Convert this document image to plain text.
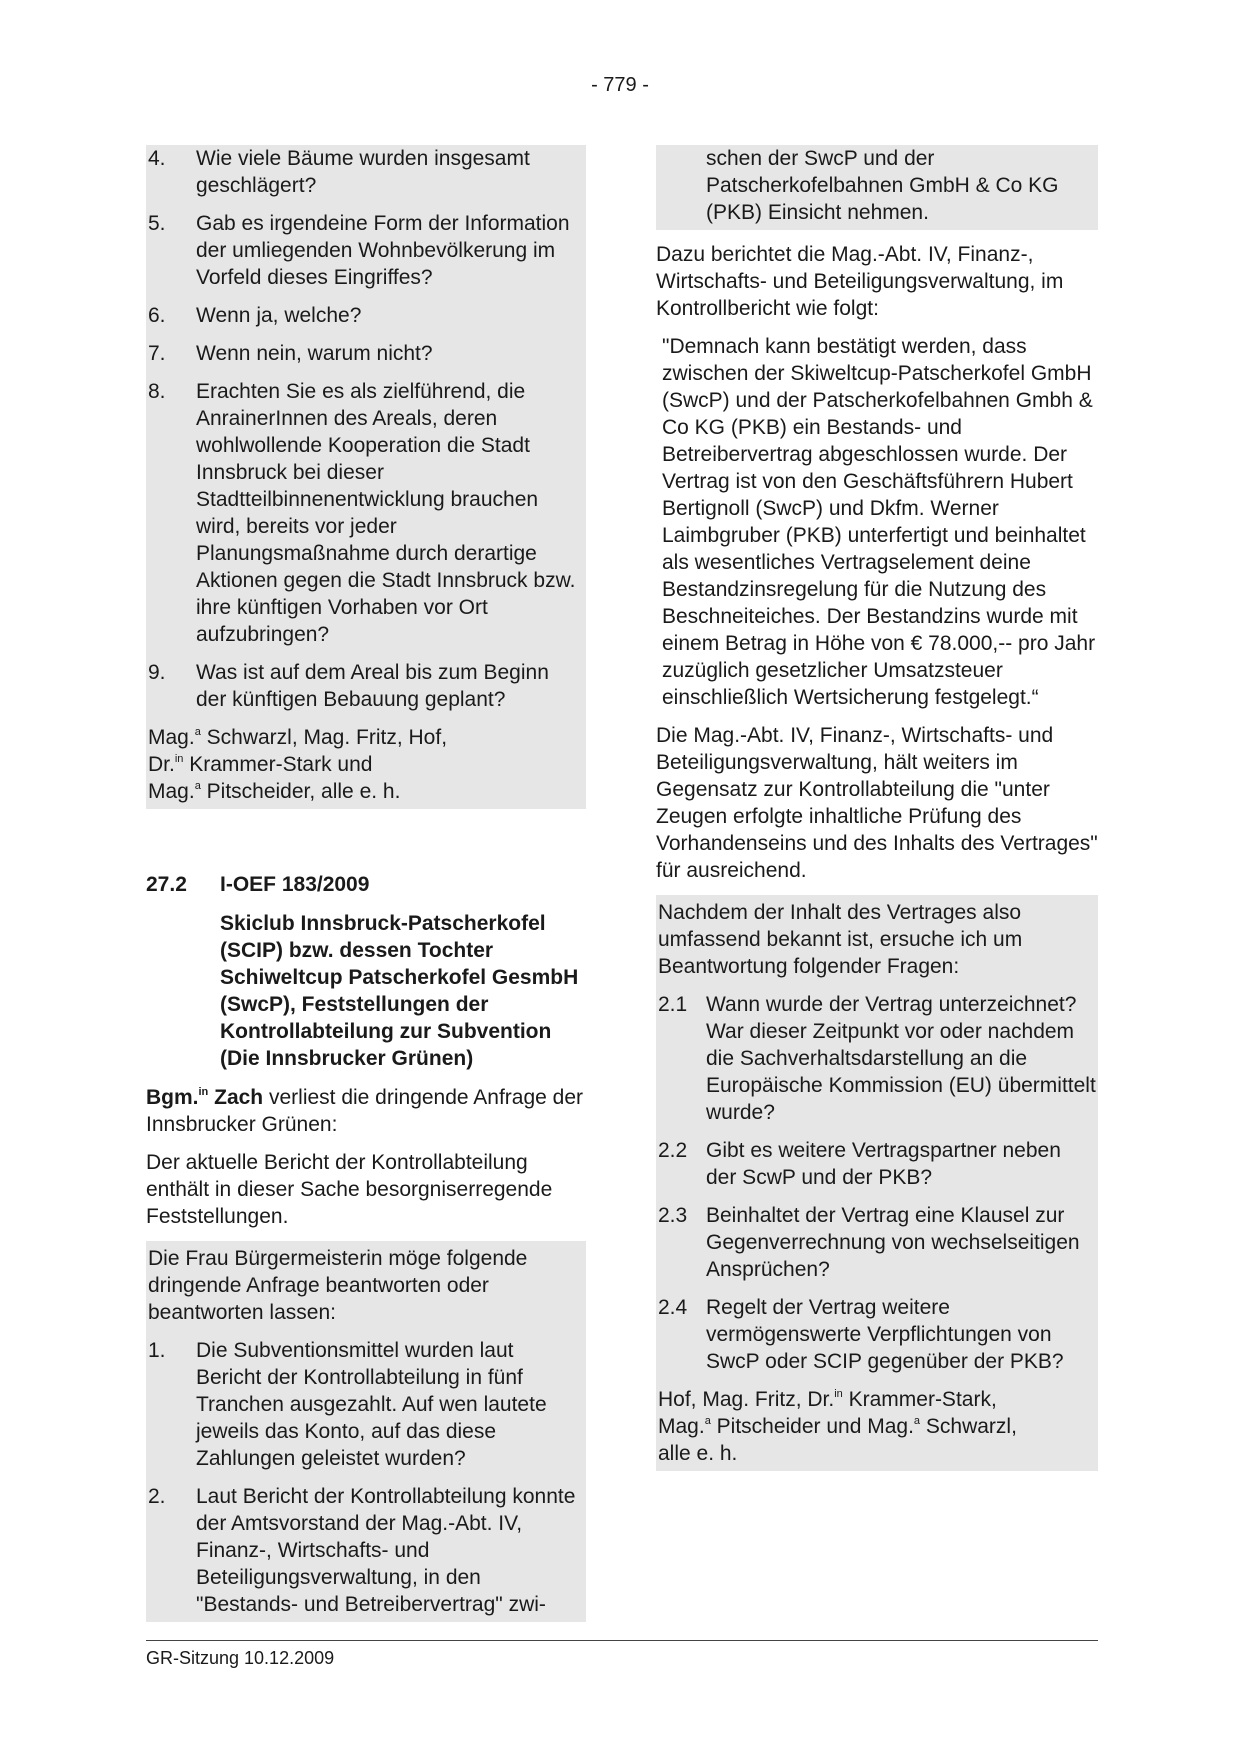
- 779 -
4.	Wie viele Bäume wurden insgesamt geschlägert?
5.	Gab es irgendeine Form der Information der umliegenden Wohnbevölkerung im Vorfeld dieses Eingriffes?
6.	Wenn ja, welche?
7.	Wenn nein, warum nicht?
8.	Erachten Sie es als zielführend, die AnrainerInnen des Areals, deren wohlwollende Kooperation die Stadt Innsbruck bei dieser Stadtteilbinnenentwicklung brauchen wird, bereits vor jeder Planungsmaßnahme durch derartige Aktionen gegen die Stadt Innsbruck bzw. ihre künftigen Vorhaben vor Ort aufzubringen?
9.	Was ist auf dem Areal bis zum Beginn der künftigen Bebauung geplant?
Mag.$^a$ Schwarzl, Mag. Fritz, Hof,
Dr.$^{in}$ Krammer-Stark und
Mag.$^a$ Pitscheider, alle e. h.
27.2	I-OEF 183/2009
Skiclub Innsbruck-Patscherkofel (SCIP) bzw. dessen Tochter Schiweltcup Patscherkofel GesmbH (SwcP), Feststellungen der Kontrollabteilung zur Subvention (Die Innsbrucker Grünen)

Bgm.$^{in}$ Zach verliest die dringende Anfrage der Innsbrucker Grünen:

Der aktuelle Bericht der Kontrollabteilung enthält in dieser Sache besorgniserregende Feststellungen.

Die Frau Bürgermeisterin möge folgende dringende Anfrage beantworten oder beantworten lassen:

1.	Die Subventionsmittel wurden laut Bericht der Kontrollabteilung in fünf Tranchen ausgezahlt. Auf wen lautete jeweils das Konto, auf das diese Zahlungen geleistet wurden?
2.	Laut Bericht der Kontrollabteilung konnte der Amtsvorstand der Mag.-Abt. IV, Finanz-, Wirtschafts- und Beteiligungsverwaltung, in den "Bestands- und Betreibervertrag" zwi-
schen der SwcP und der Patscherkofelbahnen GmbH & Co KG (PKB) Einsicht nehmen.

Dazu berichtet die Mag.-Abt. IV, Finanz-, Wirtschafts- und Beteiligungsverwaltung, im Kontrollbericht wie folgt:

"Demnach kann bestätigt werden, dass zwischen der Skiweltcup-Patscherkofel GmbH (SwcP) und der Patscherkofelbahnen Gmbh & Co KG (PKB) ein Bestands- und Betreibervertrag abgeschlossen wurde. Der Vertrag ist von den Geschäftsführern Hubert Bertignoll (SwcP) und Dkfm. Werner Laimbgruber (PKB) unterfertigt und beinhaltet als wesentliches Vertragselement deine Bestandzinsregelung für die Nutzung des Beschneiteiches. Der Bestandzins wurde mit einem Betrag in Höhe von € 78.000,-- pro Jahr zuzüglich gesetzlicher Umsatzsteuer einschließlich Wertsicherung festgelegt.“

Die Mag.-Abt. IV, Finanz-, Wirtschafts- und Beteiligungsverwaltung, hält weiters im Gegensatz zur Kontrollabteilung die "unter Zeugen erfolgte inhaltliche Prüfung des Vorhandenseins und des Inhalts des Vertrages" für ausreichend.

Nachdem der Inhalt des Vertrages also umfassend bekannt ist, ersuche ich um Beantwortung folgender Fragen:

2.1 Wann wurde der Vertrag unterzeichnet? War dieser Zeitpunkt vor oder nachdem die Sachverhaltsdarstellung an die Europäische Kommission (EU) übermittelt wurde?
2.2 Gibt es weitere Vertragspartner neben der ScwP und der PKB?
2.3 Beinhaltet der Vertrag eine Klausel zur Gegenverrechnung von wechselseitigen Ansprüchen?
2.4 Regelt der Vertrag weitere vermögenswerte Verpflichtungen von SwcP oder SCIP gegenüber der PKB?
Hof, Mag. Fritz, Dr.$^{in}$ Krammer-Stark,
Mag.$^a$ Pitscheider und Mag.$^a$ Schwarzl,
alle e. h.
GR-Sitzung 10.12.2009
